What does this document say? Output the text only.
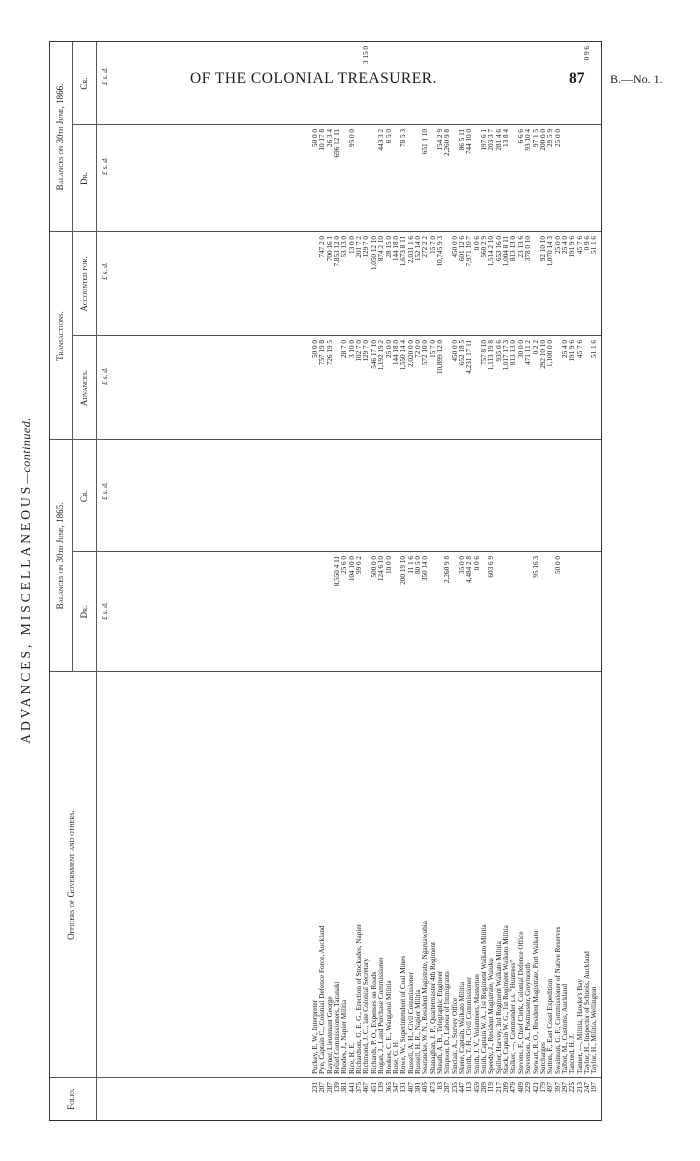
OF THE COLONIAL TREASURER.	87 B.—No. 1.
ADVANCES, MISCELLANEOUS—continued.
Folio.
Officers of Government and others.
Balances on 30th June, 1865.
Transactions.
Balances on 30th June, 1866.
Dr.
Cr.
Advances.
Accounted for.
Dr.
Cr.
£ s. d.
£ s. d.
£ s. d.
£ s. d.
£ s. d.
£ s. d.
231
Puckey, E. W., Interpreter
50 0 0
50 0 0
207
Pye, Captain C., Colonial Defence Force, Auckland
757 19 8
747 2 0
10 17 8
287
Rayner, Lieutenant George
726 19 5
700 16 1
26 3 4
139
Relief Commissioners, Taranaki
8,550 4 11
7,853 12 0
696 12 11
381
Rhodes, J., Napier Militia
25 6 0
28 7 0
53 13 0
441
Rice, H. E.
104 10 0
3 10 0
13 0 0
95 0 0
375
Richardson, G. E. G., Erection of Stockades, Napier
99 0 2
102 7 0
201 7 2
467
Richmond, J. C., late Colonial Secretary
129 7 0
129 7 0
3 15 0
451
Richards, P. O., Expenses on Roads
500 0 0
546 17 10
1,050 12 10
139
Rogan, J., Land Purchase Commissioner
124 6 10
1,192 19 2
874 2 10
443 3 2
365
Rookes, C. E., Wanganui Militia
10 0 0
25 0 0
28 15 0
6 5 0
347
Rose, G. H.
144 18 0
144 18 0
131
Rowe, W., Superintendent of Coal Mines
200 19 10
1,550 14 4
1,673 8 11
78 5 3
407
Russell, A. H., Civil Commissioner
11 1 6
2,020 0 0
2,031 1 6
381
Russell, H. R., Napier Militia
80 5 0
72 0 0
152 14 0
405
Searancke, W. N., Resident Magistrate, Ngaruawahia
350 14 0
572 10 0
272 2 2
651 1 10
473
Shanaghan, J. P., Quartermaster 4th Regiment
15 7 0
15 7 0
83
Sheath, A. B., Telegraphic Engineer
10,899 12 0
10,745 9 3
154 2 9
287
Simpson, D., Labour of Immigrants
2,260 9 8
2,260 9 8
235
Sinclair, A., Survey Office
450 0 0
450 0 0
447
Skene, Captain, Waikato Militia
35 0 0
652 18 5
601 12 6
86 5 11
113
Smith, T. H., Civil Commissioner
4,484 2 8
4,231 17 11
7,971 10 7
744 10 0
459
Smith, J. V., Volunteers, Masterton
0 0 6
0 0 6
289
Smith, Captain W. A., 1st Regiment Waikato Militia
757 8 10
560 2 9
197 6 1
119
Speedy, J., Resident Magistrate, Waiuku
603 6 9
1,113 19 8
1,514 2 10
203 3 7
217
Spiller, Harvey, 3rd Regiment Waikato Militia
935 0 6
653 16 0
281 4 6
209
Stack, Captain W. G., 1st Regiment Waikato Militia
1,017 17 3
1,004 8 11
13 8 4
479
Stalker, —, Commander s.s. "Huntress"
813 13 0
813 13 0
489
Stevens, F., Chief Clerk, Colonial Defence Office
30 0 0
23 13 6
6 6 6
229
Stevenson, A., Postmaster, Greymouth
471 11 2
378 0 10
93 10 4
421
Stewart, R. O., Resident Magistrate, Port Waikato
95 16 3
0 2 2
97 1 5
179
Surcharges
292 10 10
92 10 10
200 0 0
497
Sutton, F., East Coast Expedition
1,100 0 0
1,070 14 3
29 5 9
397
Swainson, G. F., Commissioner of Native Reserves
50 0 0
25 0 0
25 0 0
297
Talbot, M., Customs, Auckland
25 4 0
25 4 0
225
Tancred, H. J.
191 9 6
191 9 6
213
Tanner, —, Militia, Hawke's Bay
45 7 6
45 7 6
247
Taylor, H., Inspector of Schools, Auckland
0 9 6
0 9 6
197
Taylor, H., Militia, Wellington
51 1 6
51 1 6
